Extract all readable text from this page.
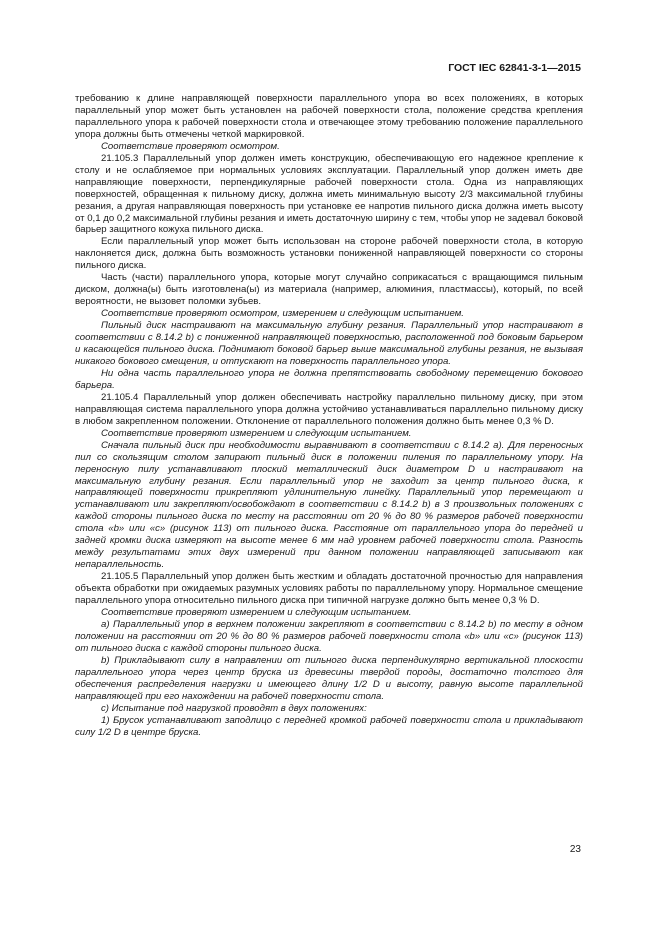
ГОСТ IEC 62841-3-1—2015

требованию к длине направляющей поверхности параллельного упора во всех положениях, в которых параллельный упор может быть установлен на рабочей поверхности стола, положение средства крепления параллельного упора к рабочей поверхности стола и отвечающее этому требованию положение параллельного упора должны быть отмечены четкой маркировкой.

Соответствие проверяют осмотром.

21.105.3 Параллельный упор должен иметь конструкцию, обеспечивающую его надежное крепление к столу и не ослабляемое при нормальных условиях эксплуатации. Параллельный упор должен иметь две направляющие поверхности, перпендикулярные рабочей поверхности стола. Одна из направляющих поверхностей, обращенная к пильному диску, должна иметь минимальную высоту 2/3 максимальной глубины резания, а другая направляющая поверхность при установке ее напротив пильного диска должна иметь высоту от 0,1 до 0,2 максимальной глубины резания и иметь достаточную ширину с тем, чтобы упор не задевал боковой барьер защитного кожуха пильного диска.

Если параллельный упор может быть использован на стороне рабочей поверхности стола, в которую наклоняется диск, должна быть возможность установки пониженной направляющей поверхности со стороны пильного диска.

Часть (части) параллельного упора, которые могут случайно соприкасаться с вращающимся пильным диском, должна(ы) быть изготовлена(ы) из материала (например, алюминия, пластмассы), который, по всей вероятности, не вызовет поломки зубьев.

Соответствие проверяют осмотром, измерением и следующим испытанием.

Пильный диск настраивают на максимальную глубину резания. Параллельный упор настраивают в соответствии с 8.14.2 b) с пониженной направляющей поверхностью, расположенной под боковым барьером и касающейся пильного диска. Поднимают боковой барьер выше максимальной глубины резания, не вызывая никакого бокового смещения, и отпускают на поверхность параллельного упора.

Ни одна часть параллельного упора не должна препятствовать свободному перемещению бокового барьера.

21.105.4 Параллельный упор должен обеспечивать настройку параллельно пильному диску, при этом направляющая система параллельного упора должна устойчиво устанавливаться параллельно пильному диску в любом закрепленном положении. Отклонение от параллельного положения должно быть менее 0,3 % D.

Соответствие проверяют измерением и следующим испытанием.

Сначала пильный диск при необходимости выравнивают в соответствии с 8.14.2 а). Для переносных пил со скользящим столом запирают пильный диск в положении пиления по параллельному упору. На переносную пилу устанавливают плоский металлический диск диаметром D и настраивают на максимальную глубину резания. Если параллельный упор не заходит за центр пильного диска, к направляющей поверхности прикрепляют удлинительную линейку. Параллельный упор перемещают и устанавливают или закрепляют/освобождают в соответствии с 8.14.2 b) в 3 произвольных положениях с каждой стороны пильного диска по месту на расстоянии от 20 % до 80 % размеров рабочей поверхности стола «b» или «с» (рисунок 113) от пильного диска. Расстояние от параллельного упора до передней и задней кромки диска измеряют на высоте менее 6 мм над уровнем рабочей поверхности стола. Разность между результатами этих двух измерений при данном положении направляющей записывают как непараллельность.

21.105.5 Параллельный упор должен быть жестким и обладать достаточной прочностью для направления объекта обработки при ожидаемых разумных условиях работы по параллельному упору. Нормальное смещение параллельного упора относительно пильного диска при типичной нагрузке должно быть менее 0,3 % D.

Соответствие проверяют измерением и следующим испытанием.

а) Параллельный упор в верхнем положении закрепляют в соответствии с 8.14.2 b) по месту в одном положении на расстоянии от 20 % до 80 % размеров рабочей поверхности стола «b» или «с» (рисунок 113) от пильного диска с каждой стороны пильного диска.

b) Прикладывают силу в направлении от пильного диска перпендикулярно вертикальной плоскости параллельного упора через центр бруска из древесины твердой породы, достаточно толстого для обеспечения распределения нагрузки и имеющего длину 1/2 D и высоту, равную высоте параллельной направляющей при его нахождении на рабочей поверхности стола.

с) Испытание под нагрузкой проводят в двух положениях:

1) Брусок устанавливают заподлицо с передней кромкой рабочей поверхности стола и прикладывают силу 1/2 D в центре бруска.

23
